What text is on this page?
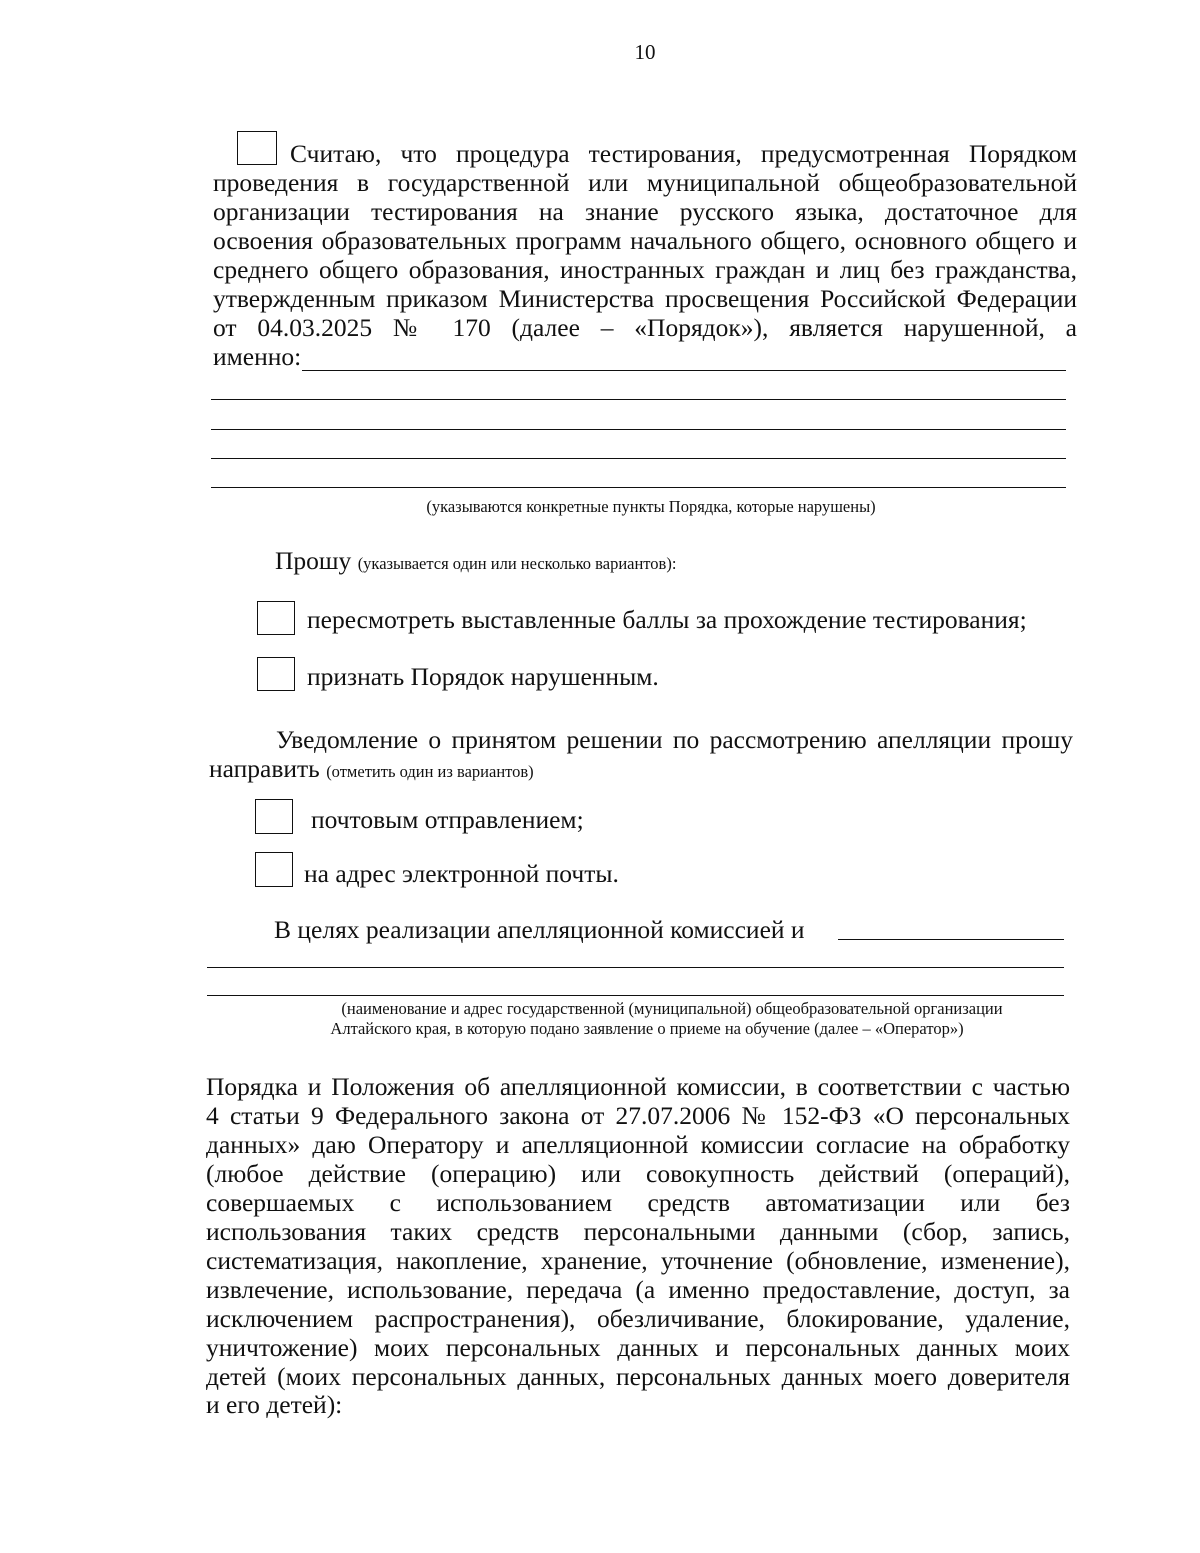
10
Считаю, что процедура тестирования, предусмотренная Порядком
проведения в государственной или муниципальной общеобразовательной
организации тестирования на знание русского языка, достаточное для
освоения образовательных программ начального общего, основного общего и
среднего общего образования, иностранных граждан и лиц без гражданства,
утвержденным приказом Министерства просвещения Российской Федерации
от 04.03.2025 № 170 (далее – «Порядок»), является нарушенной, а
именно:
(указываются конкретные пункты Порядка, которые нарушены)
Прошу (указывается один или несколько вариантов):
пересмотреть выставленные баллы за прохождение тестирования;
признать Порядок нарушенным.
Уведомление о принятом решении по рассмотрению апелляции прошу
направить (отметить один из вариантов)
почтовым отправлением;
на адрес электронной почты.
В целях реализации апелляционной комиссией и
(наименование и адрес государственной (муниципальной) общеобразовательной организации
Алтайского края, в которую подано заявление о приеме на обучение (далее – «Оператор»)
Порядка и Положения об апелляционной комиссии, в соответствии с частью
4 статьи 9 Федерального закона от 27.07.2006 № 152-ФЗ «О персональных
данных» даю Оператору и апелляционной комиссии согласие на обработку
(любое действие (операцию) или совокупность действий (операций),
совершаемых с использованием средств автоматизации или без
использования таких средств персональными данными (сбор, запись,
систематизация, накопление, хранение, уточнение (обновление, изменение),
извлечение, использование, передача (а именно предоставление, доступ, за
исключением распространения), обезличивание, блокирование, удаление,
уничтожение) моих персональных данных и персональных данных моих
детей (моих персональных данных, персональных данных моего доверителя
и его детей):
